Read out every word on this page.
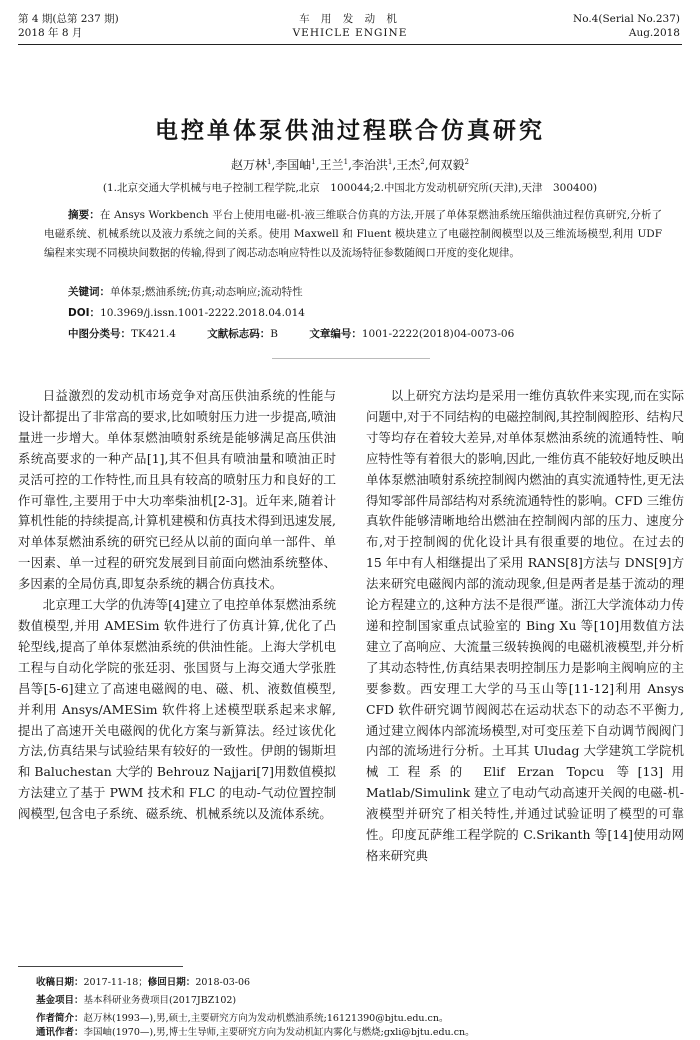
第 4 期(总第 237 期)
2018 年 8 月
车 用 发 动 机
VEHICLE ENGINE
No.4(Serial No.237)
Aug.2018
电控单体泵供油过程联合仿真研究
赵万林$^1$,李国岫$^1$,王兰$^1$,李治洪$^1$,王杰$^2$,何双毅$^2$
(1.北京交通大学机械与电子控制工程学院,北京　100044;2.中国北方发动机研究所(天津),天津　300400)
摘要：在 Ansys Workbench 平台上使用电磁-机-液三维联合仿真的方法,开展了单体泵燃油系统压缩供油过程仿真研究,分析了电磁系统、机械系统以及液力系统之间的关系。使用 Maxwell 和 Fluent 模块建立了电磁控制阀模型以及三维流场模型,利用 UDF 编程来实现不同模块间数据的传输,得到了阀芯动态响应特性以及流场特征参数随阀口开度的变化规律。
关键词：单体泵;燃油系统;仿真;动态响应;流动特性
DOI：10.3969/j.issn.1001-2222.2018.04.014
中图分类号：TK421.4	文献标志码：B	文章编号：1001-2222(2018)04-0073-06

日益激烈的发动机市场竞争对高压供油系统的性能与设计都提出了非常高的要求,比如喷射压力进一步提高,喷油量进一步增大。单体泵燃油喷射系统是能够满足高压供油系统高要求的一种产品[1],其不但具有喷油量和喷油正时灵活可控的工作特性,而且具有较高的喷射压力和良好的工作可靠性,主要用于中大功率柴油机[2-3]。近年来,随着计算机性能的持续提高,计算机建模和仿真技术得到迅速发展,对单体泵燃油系统的研究已经从以前的面向单一部件、单一因素、单一过程的研究发展到目前面向燃油系统整体、多因素的全局仿真,即复杂系统的耦合仿真技术。

北京理工大学的仇涛等[4]建立了电控单体泵燃油系统数值模型,并用 AMESim 软件进行了仿真计算,优化了凸轮型线,提高了单体泵燃油系统的供油性能。上海大学机电工程与自动化学院的张廷羽、张国贤与上海交通大学张胜昌等[5-6]建立了高速电磁阀的电、磁、机、液数值模型,并利用 Ansys/AMESim 软件将上述模型联系起来求解,提出了高速开关电磁阀的优化方案与新算法。经过该优化方法,仿真结果与试验结果有较好的一致性。伊朗的锡斯坦和 Baluchestan 大学的 Behrouz Najjari[7]用数值模拟方法建立了基于 PWM 技术和 FLC 的电动-气动位置控制阀模型,包含电子系统、磁系统、机械系统以及流体系统。

以上研究方法均是采用一维仿真软件来实现,而在实际问题中,对于不同结构的电磁控制阀,其控制阀腔形、结构尺寸等均存在着较大差异,对单体泵燃油系统的流通特性、响应特性等有着很大的影响,因此,一维仿真不能较好地反映出单体泵燃油喷射系统控制阀内燃油的真实流通特性,更无法得知零部件局部结构对系统流通特性的影响。CFD 三维仿真软件能够清晰地给出燃油在控制阀内部的压力、速度分布,对于控制阀的优化设计具有很重要的地位。在过去的 15 年中有人相继提出了采用 RANS[8]方法与 DNS[9]方法来研究电磁阀内部的流动现象,但是两者是基于流动的理论方程建立的,这种方法不是很严谨。浙江大学流体动力传递和控制国家重点试验室的 Bing Xu 等[10]用数值方法建立了高响应、大流量三级转换阀的电磁机液模型,并分析了其动态特性,仿真结果表明控制压力是影响主阀响应的主要参数。西安理工大学的马玉山等[11-12]利用 Ansys CFD 软件研究调节阀阀芯在运动状态下的动态不平衡力,通过建立阀体内部流场模型,对可变压差下自动调节阀阀门内部的流场进行分析。土耳其 Uludag 大学建筑工学院机械工程系的 Elif Erzan Topcu 等[13]用 Matlab/Simulink 建立了电动气动高速开关阀的电磁-机-液模型并研究了相关特性,并通过试验证明了模型的可靠性。印度瓦萨维工程学院的 C.Srikanth 等[14]使用动网格来研究典

收稿日期：2017-11-18；修回日期：2018-03-06
基金项目：基本科研业务费项目(2017JBZ102)
作者简介：赵万林(1993—),男,硕士,主要研究方向为发动机燃油系统;16121390@bjtu.edu.cn。
通讯作者：李国岫(1970—),男,博士生导师,主要研究方向为发动机缸内雾化与燃烧;gxli@bjtu.edu.cn。
